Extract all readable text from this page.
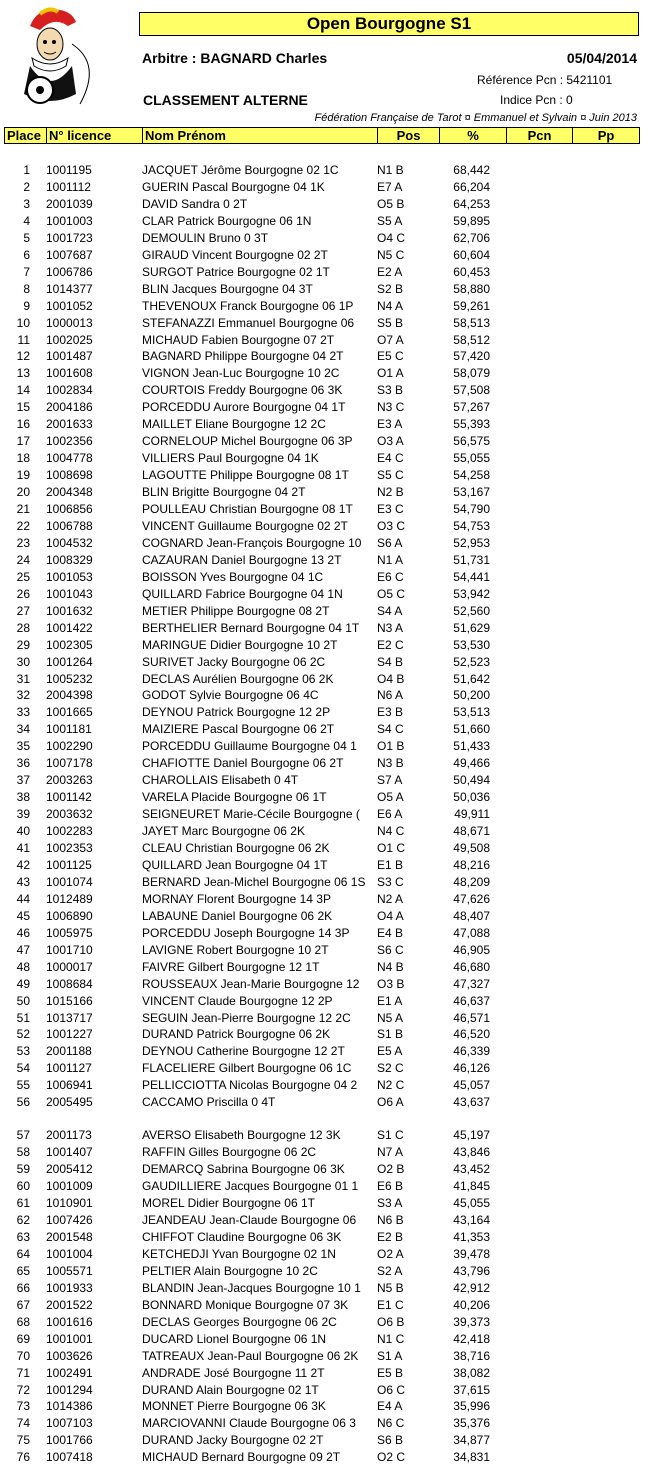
Open Bourgogne S1
Arbitre : BAGNARD Charles	05/04/2014
Référence Pcn : 5421101
CLASSEMENT ALTERNE	Indice Pcn : 0
Fédération Française de Tarot ¤ Emmanuel et Sylvain ¤ Juin 2013
Place N° licence	Nom Prénom	Pos	%	Pcn	Pp
1 1001195	JACQUET Jérôme Bourgogne 02 1C	N1 B	68,442
2 1001112	GUERIN Pascal Bourgogne 04 1K	E7 A	66,204
3 2001039	DAVID Sandra 0 2T	O5 B	64,253
4 1001003	CLAR Patrick Bourgogne 06 1N	S5 A	59,895
5 1001723	DEMOULIN Bruno 0 3T	O4 C	62,706
6 1007687	GIRAUD Vincent Bourgogne 02 2T	N5 C	60,604
7 1006786	SURGOT Patrice Bourgogne 02 1T	E2 A	60,453
8 1014377	BLIN Jacques Bourgogne 04 3T	S2 B	58,880
9 1001052	THEVENOUX Franck Bourgogne 06 1P	N4 A	59,261
10 1000013	STEFANAZZI Emmanuel Bourgogne 06	S5 B	58,513
11 1002025	MICHAUD Fabien Bourgogne 07 2T	O7 A	58,512
12 1001487	BAGNARD Philippe Bourgogne 04 2T	E5 C	57,420
13 1001608	VIGNON Jean-Luc Bourgogne 10 2C	O1 A	58,079
14 1002834	COURTOIS Freddy Bourgogne 06 3K	S3 B	57,508
15 2004186	PORCEDDU Aurore Bourgogne 04 1T	N3 C	57,267
16 2001633	MAILLET Eliane Bourgogne 12 2C	E3 A	55,393
17 1002356	CORNELOUP Michel Bourgogne 06 3P	O3 A	56,575
18 1004778	VILLIERS Paul Bourgogne 04 1K	E4 C	55,055
19 1008698	LAGOUTTE Philippe Bourgogne 08 1T	S5 C	54,258
20 2004348	BLIN Brigitte Bourgogne 04 2T	N2 B	53,167
21 1006856	POULLEAU Christian Bourgogne 08 1T	E3 C	54,790
22 1006788	VINCENT Guillaume Bourgogne 02 2T	O3 C	54,753
23 1004532	COGNARD Jean-François Bourgogne 10	S6 A	52,953
24 1008329	CAZAURAN Daniel Bourgogne 13 2T	N1 A	51,731
25 1001053	BOISSON Yves Bourgogne 04 1C	E6 C	54,441
26 1001043	QUILLARD Fabrice Bourgogne 04 1N	O5 C	53,942
27 1001632	METIER Philippe Bourgogne 08 2T	S4 A	52,560
28 1001422	BERTHELIER Bernard Bourgogne 04 1T	N3 A	51,629
29 1002305	MARINGUE Didier Bourgogne 10 2T	E2 C	53,530
30 1001264	SURIVET Jacky Bourgogne 06 2C	S4 B	52,523
31 1005232	DECLAS Aurélien Bourgogne 06 2K	O4 B	51,642
32 2004398	GODOT Sylvie Bourgogne 06 4C	N6 A	50,200
33 1001665	DEYNOU Patrick Bourgogne 12 2P	E3 B	53,513
34 1001181	MAIZIERE Pascal Bourgogne 06 2T	S4 C	51,660
35 1002290	PORCEDDU Guillaume Bourgogne 04 1	O1 B	51,433
36 1007178	CHAFIOTTE Daniel Bourgogne 06 2T	N3 B	49,466
37 2003263	CHAROLLAIS Elisabeth 0 4T	S7 A	50,494
38 1001142	VARELA Placide Bourgogne 06 1T	O5 A	50,036
39 2003632	SEIGNEURET Marie-Cécile Bourgogne (	E6 A	49,911
40 1002283	JAYET Marc Bourgogne 06 2K	N4 C	48,671
41 1002353	CLEAU Christian Bourgogne 06 2K	O1 C	49,508
42 1001125	QUILLARD Jean Bourgogne 04 1T	E1 B	48,216
43 1001074	BERNARD Jean-Michel Bourgogne 06 1S S3 C	48,209
44 1012489	MORNAY Florent Bourgogne 14 3P	N2 A	47,626
45 1006890	LABAUNE Daniel Bourgogne 06 2K	O4 A	48,407
46 1005975	PORCEDDU Joseph Bourgogne 14 3P	E4 B	47,088
47 1001710	LAVIGNE Robert Bourgogne 10 2T	S6 C	46,905
48 1000017	FAIVRE Gilbert Bourgogne 12 1T	N4 B	46,680
49 1008684	ROUSSEAUX Jean-Marie Bourgogne 12	O3 B	47,327
50 1015166	VINCENT Claude Bourgogne 12 2P	E1 A	46,637
51 1013717	SEGUIN Jean-Pierre Bourgogne 12 2C	N5 A	46,571
52 1001227	DURAND Patrick Bourgogne 06 2K	S1 B	46,520
53 2001188	DEYNOU Catherine Bourgogne 12 2T	E5 A	46,339
54 1001127	FLACELIERE Gilbert Bourgogne 06 1C	S2 C	46,126
55 1006941	PELLICCIOTTA Nicolas Bourgogne 04 2	N2 C	45,057
56 2005495	CACCAMO Priscilla 0 4T	O6 A	43,637
57 2001173	AVERSO Elisabeth Bourgogne 12 3K	S1 C	45,197
58 1001407	RAFFIN Gilles Bourgogne 06 2C	N7 A	43,846
59 2005412	DEMARCQ Sabrina Bourgogne 06 3K	O2 B	43,452
60 1001009	GAUDILLIERE Jacques Bourgogne 01 1	E6 B	41,845
61 1010901	MOREL Didier Bourgogne 06 1T	S3 A	45,055
62 1007426	JEANDEAU Jean-Claude Bourgogne 06	N6 B	43,164
63 2001548	CHIFFOT Claudine Bourgogne 06 3K	E2 B	41,353
64 1001004	KETCHEDJI Yvan Bourgogne 02 1N	O2 A	39,478
65 1005571	PELTIER Alain Bourgogne 10 2C	S2 A	43,796
66 1001933	BLANDIN Jean-Jacques Bourgogne 10 1	N5 B	42,912
67 2001522	BONNARD Monique Bourgogne 07 3K	E1 C	40,206
68 1001616	DECLAS Georges Bourgogne 06 2C	O6 B	39,373
69 1001001	DUCARD Lionel Bourgogne 06 1N	N1 C	42,418
70 1003626	TATREAUX Jean-Paul Bourgogne 06 2K	S1 A	38,716
71 1002491	ANDRADE José Bourgogne 11 2T	E5 B	38,082
72 1001294	DURAND Alain Bourgogne 02 1T	O6 C	37,615
73 1014386	MONNET Pierre Bourgogne 06 3K	E4 A	35,996
74 1007103	MARCIOVANNI Claude Bourgogne 06 3	N6 C	35,376
75 1001766	DURAND Jacky Bourgogne 02 2T	S6 B	34,877
76 1007418	MICHAUD Bernard Bourgogne 09 2T	O2 C	34,831
